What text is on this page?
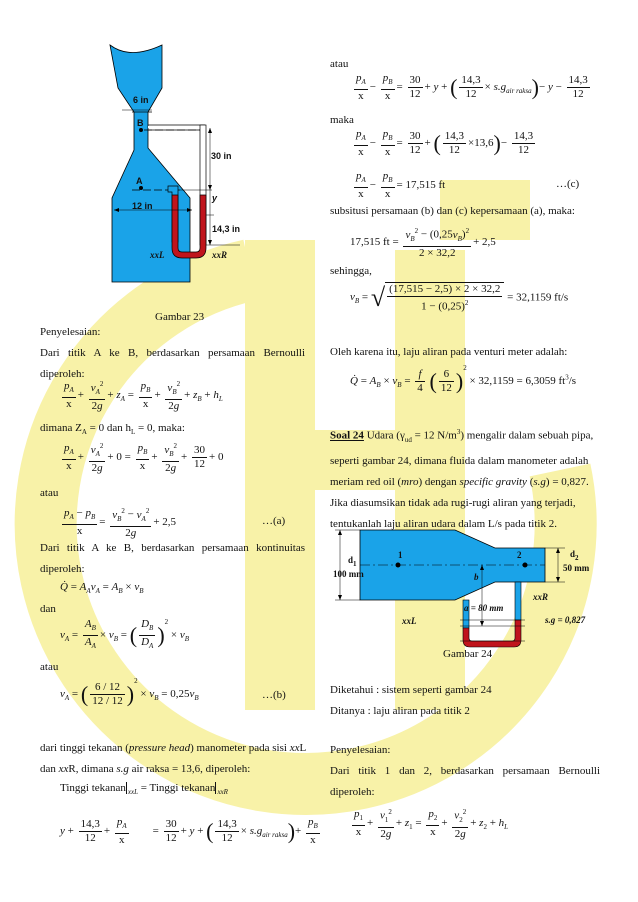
6 in
B
30 in
A
y
12 in
14,3 in
xxL	xxR
Gambar 23
Penyelesaian:
Dari titik A ke B, berdasarkan persamaan Bernoulli diperoleh:
$\frac{p_A}{x} + \frac{v_A^2}{2g} + z_A = \frac{p_B}{x} + \frac{v_B^2}{2g} + z_B + h_L$
dimana $Z_A = 0$ dan $h_L = 0$, maka:
$\frac{p_A}{x} + \frac{v_A^2}{2g} + 0 = \frac{p_B}{x} + \frac{v_B^2}{2g} + \frac{30}{12} + 0$
atau
$\frac{p_A - p_B}{x} = \frac{v_B^2 - v_A^2}{2g} + 2,5$	…(a)
Dari titik A ke B, berdasarkan persamaan kontinuitas diperoleh:
Q̇ = $A_Av_A = A_B \times v_B$
dan
$v_A = \frac{A_B}{A_A} \times v_B$ = ( $\frac{D_B}{D_A} )^2 \times v_B$
atau
$v_A$ = ( $\frac{6 / 12}{12 / 12} )^2 \times v_B = 0,25v_B$	…(b)
dari tinggi tekanan (pressure head) manometer pada sisi xxL
dan xxR, dimana s.g air raksa = 13,6, diperoleh:
Tinggi tekanan $_{xxL}$ = Tinggi tekanan $_{xxR}$
$y + \frac{14,3}{12} + \frac{p_A}{x} = \frac{30}{12} + y$ + ( $\frac{14,3}{12} \times s.g_{air raksa})+ \frac{p_B}{x}$
atau
$\frac{p_A}{x} - \frac{p_B}{x} = \frac{30}{12} + y$ + ( $\frac{14,3}{12} \times s.g_{air raksa})- y - \frac{14,3}{12}$
maka
$\frac{p_A}{x} - \frac{p_B}{x} = \frac{30}{12}$ + ( $\frac{14,3}{12} \times 13,6)- \frac{14,3}{12}$
$\frac{p_A}{x} - \frac{p_B}{x} = 17,515$ ft	…(c)
subsitusi persamaan (b) dan (c) kepersamaan (a), maka:
17,515 ft = $\frac{v_B^2 - (0,25v_B)^2}{2 \times 32,2} + 2,5$
sehingga,
$v_B$ = √ $\frac{(17,515 - 2,5) \times 2 \times 32,2}{1 - (0,25)^2} = 32,1159$ ft/s
Oleh karena itu, laju aliran pada venturi meter adalah:
Q̇ = $A_B \times v_B = \frac{f}{4}$ ( $\frac{6}{12} )^2 \times 32,1159 = 6,3059$ $ft^3/s$
Soal 24 Udara ($\gamma_{ud} = 12$ $N/m^3$) mengalir dalam sebuah pipa,
seperti gambar 24, dimana fluida dalam manometer adalah
meriam red oil (mro) dengan specific gravity (s.g) = 0,827.
Jika diasumsikan tidak ada rugi-rugi aliran yang terjadi,
tentukanlah laju aliran udara dalam L/s pada titik 2.
$d_1$
100 mm
$d_2$
50 mm
1	2
b
a = 80 mm
xxL
xxR
s.g = 0,827
Gambar 24
Diketahui : sistem seperti gambar 24
Ditanya : laju aliran pada titik 2
Penyelesaian:
Dari titik 1 dan 2, berdasarkan persamaan Bernoulli diperoleh:
$\frac{p_1}{x} + \frac{v_1^2}{2g} + z_1 = \frac{p_2}{x} + \frac{v_2^2}{2g} + z_2 + h_L$
